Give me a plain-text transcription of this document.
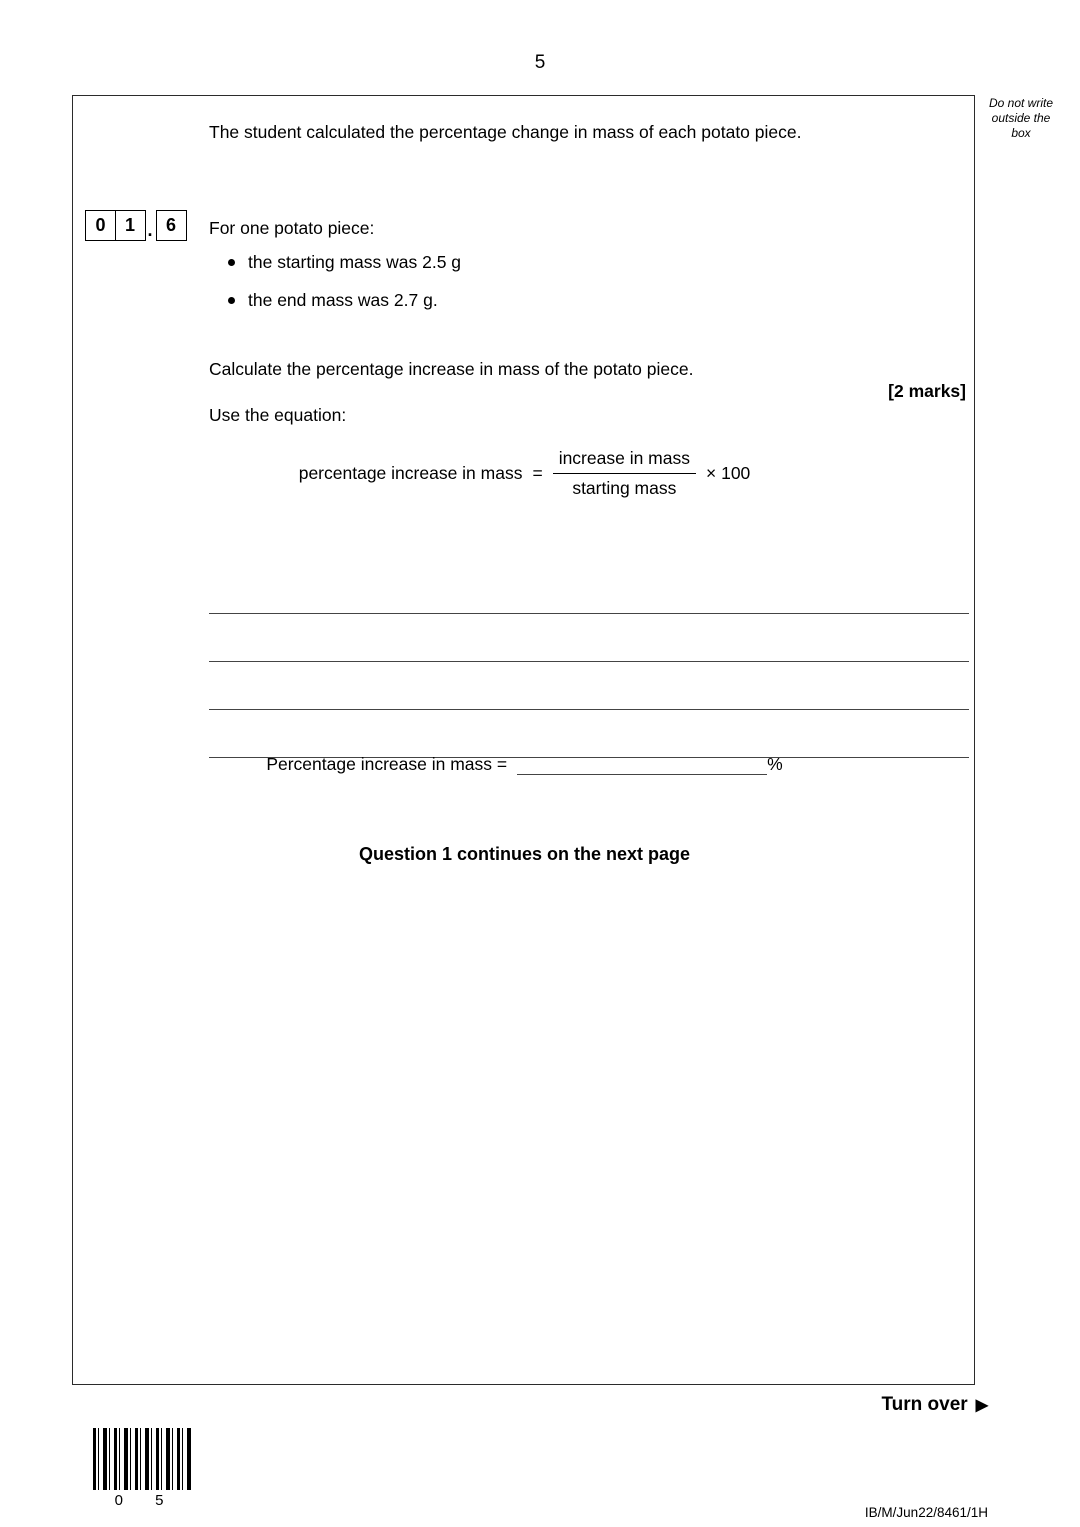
5
Do not write
outside the
box
The student calculated the percentage change in mass of each potato piece.
0	1 . 6	For one potato piece:
the starting mass was 2.5 g
the end mass was 2.7 g.
Calculate the percentage increase in mass of the potato piece.
[2 marks]
Use the equation:
percentage increase in mass = $\frac{\text{increase in mass}}{\text{starting mass}} \times 100$
Percentage increase in mass =	%
Question 1 continues on the next page
Turn over ▶
0 5
IB/M/Jun22/8461/1H
